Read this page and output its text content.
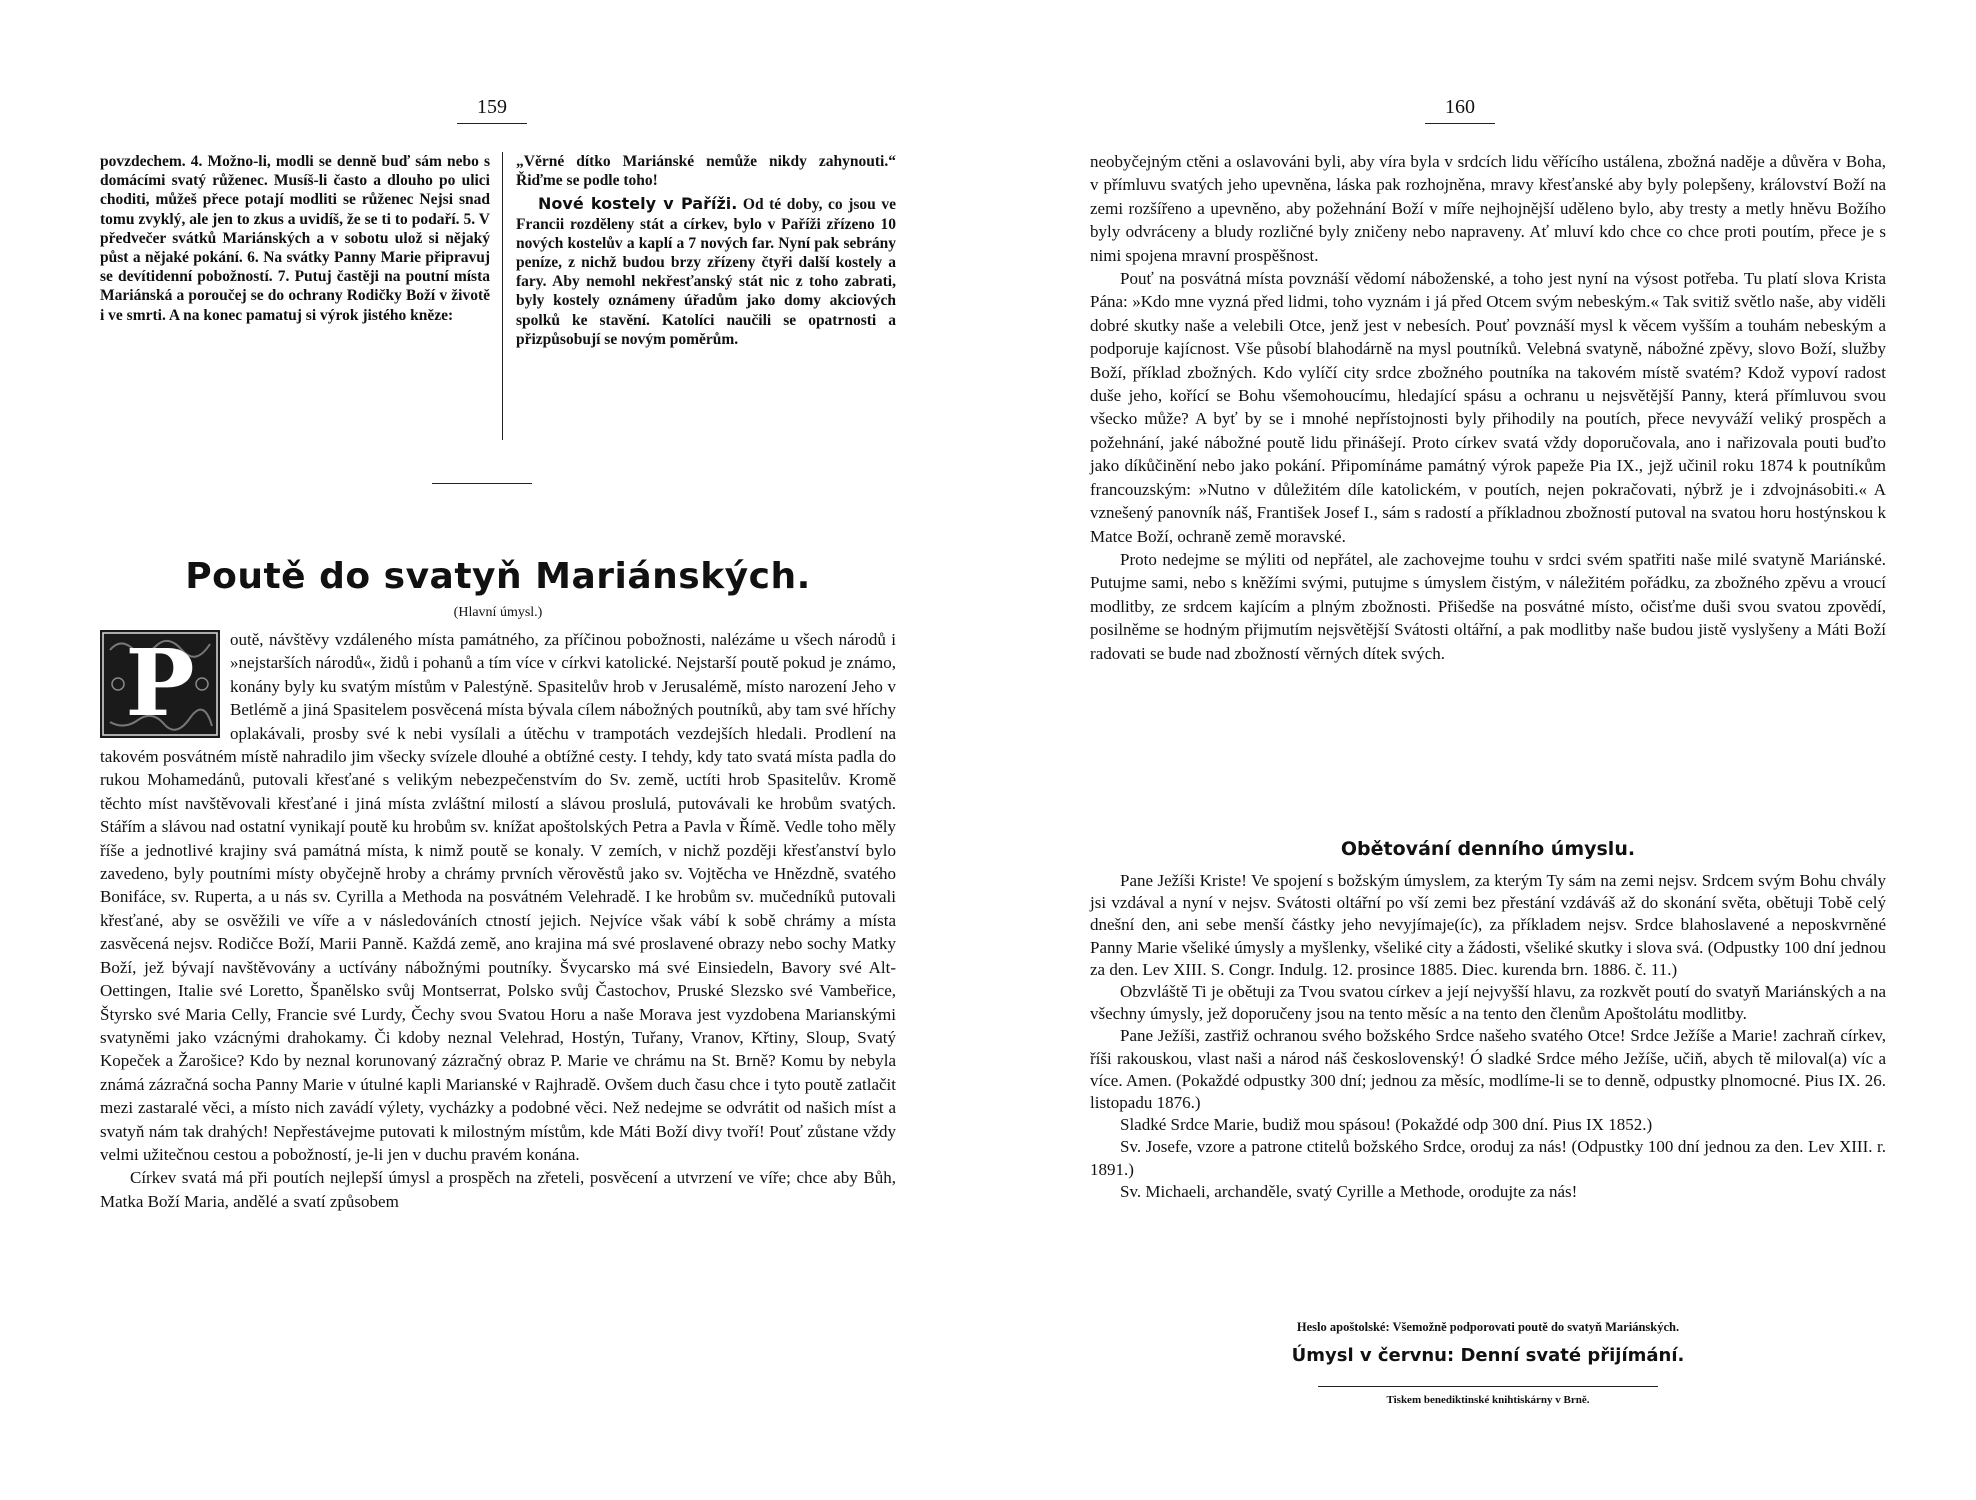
159

povzdechem. 4. Možno-li, modli se denně buď sám nebo s domácími svatý růženec. Musíš-li často a dlouho po ulici choditi, můžeš přece potají modliti se růženec Nejsi snad tomu zvyklý, ale jen to zkus a uvidíš, že se ti to podaří. 5. V předvečer svátků Mariánských a v sobotu ulož si nějaký půst a nějaké pokání. 6. Na svátky Panny Marie připravuj se devítidenní pobožností. 7. Putuj častěji na poutní místa Mariánská a poroučej se do ochrany Rodičky Boží v životě i ve smrti. A na konec pamatuj si výrok jistého kněze:

„Věrné dítko Mariánské nemůže nikdy zahynouti.“ Řiďme se podle toho!

Nové kostely v Paříži. Od té doby, co jsou ve Francii rozděleny stát a církev, bylo v Paříži zřízeno 10 nových kostelův a kaplí a 7 nových far. Nyní pak sebrány peníze, z nichž budou brzy zřízeny čtyři další kostely a fary. Aby nemohl nekřesťanský stát nic z toho zabrati, byly kostely oznámeny úřadům jako domy akciových spolků ke stavění. Katolíci naučili se opatrnosti a přizpůsobují se novým poměrům.

Poutě do svatyň Mariánských.
(Hlavní úmysl.)

P	outě, návštěvy vzdáleného místa památného, za příčinou pobožnosti, nalézáme u všech národů i »nejstarších národů«, židů i pohanů a tím více v církvi katolické. Nejstarší poutě pokud je známo, konány byly ku svatým místům v Palestýně. Spasitelův hrob v Jerusalémě, místo narození Jeho v Betlémě a jiná Spasitelem posvěcená místa bývala cílem nábožných poutníků, aby tam své hříchy oplakávali, prosby své k nebi vysílali a útěchu v trampotách vezdejších hledali. Prodlení na takovém posvátném místě nahradilo jim všecky svízele dlouhé a obtížné cesty. I tehdy, kdy tato svatá místa padla do rukou Mohamedánů, putovali křesťané s velikým nebezpečenstvím do Sv. země, uctíti hrob Spasitelův. Kromě těchto míst navštěvovali křesťané i jiná místa zvláštní milostí a slávou proslulá, putovávali ke hrobům svatých. Stářím a slávou nad ostatní vynikají poutě ku hrobům sv. knížat apoštolských Petra a Pavla v Římě. Vedle toho měly říše a jednotlivé krajiny svá památná místa, k nimž poutě se konaly. V zemích, v nichž později křesťanství bylo zavedeno, byly poutními místy obyčejně hroby a chrámy prvních věrověstů jako sv. Vojtěcha ve Hnězdně, svatého Bonifáce, sv. Ruperta, a u nás sv. Cyrilla a Methoda na posvátném Velehradě. I ke hrobům sv. mučedníků putovali křesťané, aby se osvěžili ve víře a v následováních ctností jejich. Nejvíce však vábí k sobě chrámy a místa zasvěcená nejsv. Rodičce Boží, Marii Panně. Každá země, ano krajina má své proslavené obrazy nebo sochy Matky Boží, jež bývají navštěvovány a uctívány nábožnými poutníky. Švycarsko má své Einsiedeln, Bavory své Alt-Oettingen, Italie své Loretto, Španělsko svůj Montserrat, Polsko svůj Častochov, Pruské Slezsko své Vambeřice, Štyrsko své Maria Celly, Francie své Lurdy, Čechy svou Svatou Horu a naše Morava jest vyzdobena Marianskými svatyněmi jako vzácnými drahokamy. Či kdoby neznal Velehrad, Hostýn, Tuřany, Vranov, Křtiny, Sloup, Svatý Kopeček a Žarošice? Kdo by neznal korunovaný zázračný obraz P. Marie ve chrámu na St. Brně? Komu by nebyla známá zázračná socha Panny Marie v útulné kapli Marianské v Rajhradě. Ovšem duch času chce i tyto poutě zatlačit mezi zastaralé věci, a místo nich zavádí výlety, vycházky a podobné věci. Než nedejme se odvrátit od našich míst a svatyň nám tak drahých! Nepřestávejme putovati k milostným místům, kde Máti Boží divy tvoří! Pouť zůstane vždy velmi užitečnou cestou a pobožností, je-li jen v duchu pravém konána.

Církev svatá má při poutích nejlepší úmysl a prospěch na zřeteli, posvěcení a utvrzení ve víře; chce aby Bůh, Matka Boží Maria, andělé a svatí způsobem

160

neobyčejným ctěni a oslavováni byli, aby víra byla v srdcích lidu věřícího ustálena, zbožná naděje a důvěra v Boha, v přímluvu svatých jeho upevněna, láska pak rozhojněna, mravy křesťanské aby byly polepšeny, království Boží na zemi rozšířeno a upevněno, aby požehnání Boží v míře nejhojnější uděleno bylo, aby tresty a metly hněvu Božího byly odvráceny a bludy rozličné byly zničeny nebo napraveny. Ať mluví kdo chce co chce proti poutím, přece je s nimi spojena mravní prospěšnost.

Pouť na posvátná místa povznáší vědomí náboženské, a toho jest nyní na výsost potřeba. Tu platí slova Krista Pána: »Kdo mne vyzná před lidmi, toho vyznám i já před Otcem svým nebeským.« Tak svitiž světlo naše, aby viděli dobré skutky naše a velebili Otce, jenž jest v nebesích. Pouť povznáší mysl k věcem vyšším a touhám nebeským a podporuje kajícnost. Vše působí blahodárně na mysl poutníků. Velebná svatyně, nábožné zpěvy, slovo Boží, služby Boží, příklad zbožných. Kdo vylíčí city srdce zbožného poutníka na takovém místě svatém? Kdož vypoví radost duše jeho, kořící se Bohu všemohoucímu, hledající spásu a ochranu u nejsvětější Panny, která přímluvou svou všecko může? A byť by se i mnohé nepřístojnosti byly přihodily na poutích, přece nevyváží veliký prospěch a požehnání, jaké nábožné poutě lidu přinášejí. Proto církev svatá vždy doporučovala, ano i nařizovala pouti buďto jako díkůčinění nebo jako pokání. Připomínáme památný výrok papeže Pia IX., jejž učinil roku 1874 k poutníkům francouzským: »Nutno v důležitém díle katolickém, v poutích, nejen pokračovati, nýbrž je i zdvojnásobiti.« A vznešený panovník náš, František Josef I., sám s radostí a příkladnou zbožností putoval na svatou horu hostýnskou k Matce Boží, ochraně země moravské.

Proto nedejme se mýliti od nepřátel, ale zachovejme touhu v srdci svém spatřiti naše milé svatyně Mariánské. Putujme sami, nebo s kněžími svými, putujme s úmyslem čistým, v náležitém pořádku, za zbožného zpěvu a vroucí modlitby, ze srdcem kajícím a plným zbožnosti. Přišedše na posvátné místo, očisťme duši svou svatou zpovědí, posilněme se hodným přijmutím nejsvětější Svátosti oltářní, a pak modlitby naše budou jistě vyslyšeny a Máti Boží radovati se bude nad zbožností věrných dítek svých.

Obětování denního úmyslu.

Pane Ježíši Kriste! Ve spojení s božským úmyslem, za kterým Ty sám na zemi nejsv. Srdcem svým Bohu chvály jsi vzdával a nyní v nejsv. Svátosti oltářní po vší zemi bez přestání vzdáváš až do skonání světa, obětuji Tobě celý dnešní den, ani sebe menší částky jeho nevyjímaje(íc), za příkladem nejsv. Srdce blahoslavené a neposkvrněné Panny Marie všeliké úmysly a myšlenky, všeliké city a žádosti, všeliké skutky i slova svá. (Odpustky 100 dní jednou za den. Lev XIII. S. Congr. Indulg. 12. prosince 1885. Diec. kurenda brn. 1886. č. 11.)

Obzvláště Ti je obětuji za Tvou svatou církev a její nejvyšší hlavu, za rozkvět poutí do svatyň Mariánských a na všechny úmysly, jež doporučeny jsou na tento měsíc a na tento den členům Apoštolátu modlitby.

Pane Ježíši, zastřiž ochranou svého božského Srdce našeho svatého Otce! Srdce Ježíše a Marie! zachraň církev, říši rakouskou, vlast naši a národ náš československý! Ó sladké Srdce mého Ježíše, učiň, abych tě miloval(a) víc a více. Amen. (Pokaždé odpustky 300 dní; jednou za měsíc, modlíme-li se to denně, odpustky plnomocné. Pius IX. 26. listopadu 1876.)

Sladké Srdce Marie, budiž mou spásou! (Pokaždé odp 300 dní. Pius IX 1852.)

Sv. Josefe, vzore a patrone ctitelů božského Srdce, oroduj za nás! (Odpustky 100 dní jednou za den. Lev XIII. r. 1891.)

Sv. Michaeli, archanděle, svatý Cyrille a Methode, orodujte za nás!

Heslo apoštolské: Všemožně podporovati poutě do svatyň Mariánských.
Úmysl v červnu: Denní svaté přijímání.
Tiskem benediktinské knihtiskárny v Brně.
